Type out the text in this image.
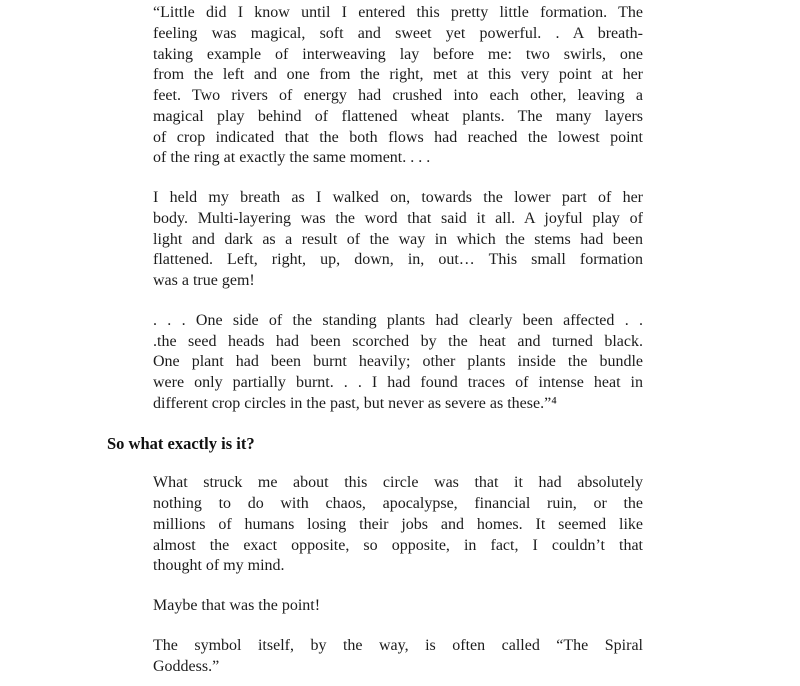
“Little did I know until I entered this pretty little formation. The
feeling was magical, soft and sweet yet powerful. . A breath-
taking example of interweaving lay before me: two swirls, one
from the left and one from the right, met at this very point at her
feet. Two rivers of energy had crushed into each other, leaving a
magical play behind of flattened wheat plants. The many layers
of crop indicated that the both flows had reached the lowest point
of the ring at exactly the same moment. . . .
I held my breath as I walked on, towards the lower part of her
body. Multi-layering was the word that said it all. A joyful play of
light and dark as a result of the way in which the stems had been
flattened. Left, right, up, down, in, out… This small formation
was a true gem!
. . . One side of the standing plants had clearly been affected . .
.the seed heads had been scorched by the heat and turned black.
One plant had been burnt heavily; other plants inside the bundle
were only partially burnt. . . I had found traces of intense heat in
different crop circles in the past, but never as severe as these.”⁴
So what exactly is it?
What struck me about this circle was that it had absolutely
nothing to do with chaos, apocalypse, financial ruin, or the
millions of humans losing their jobs and homes. It seemed like
almost the exact opposite, so opposite, in fact, I couldn’t that
thought of my mind.
Maybe that was the point!
The symbol itself, by the way, is often called “The Spiral
Goddess.”
